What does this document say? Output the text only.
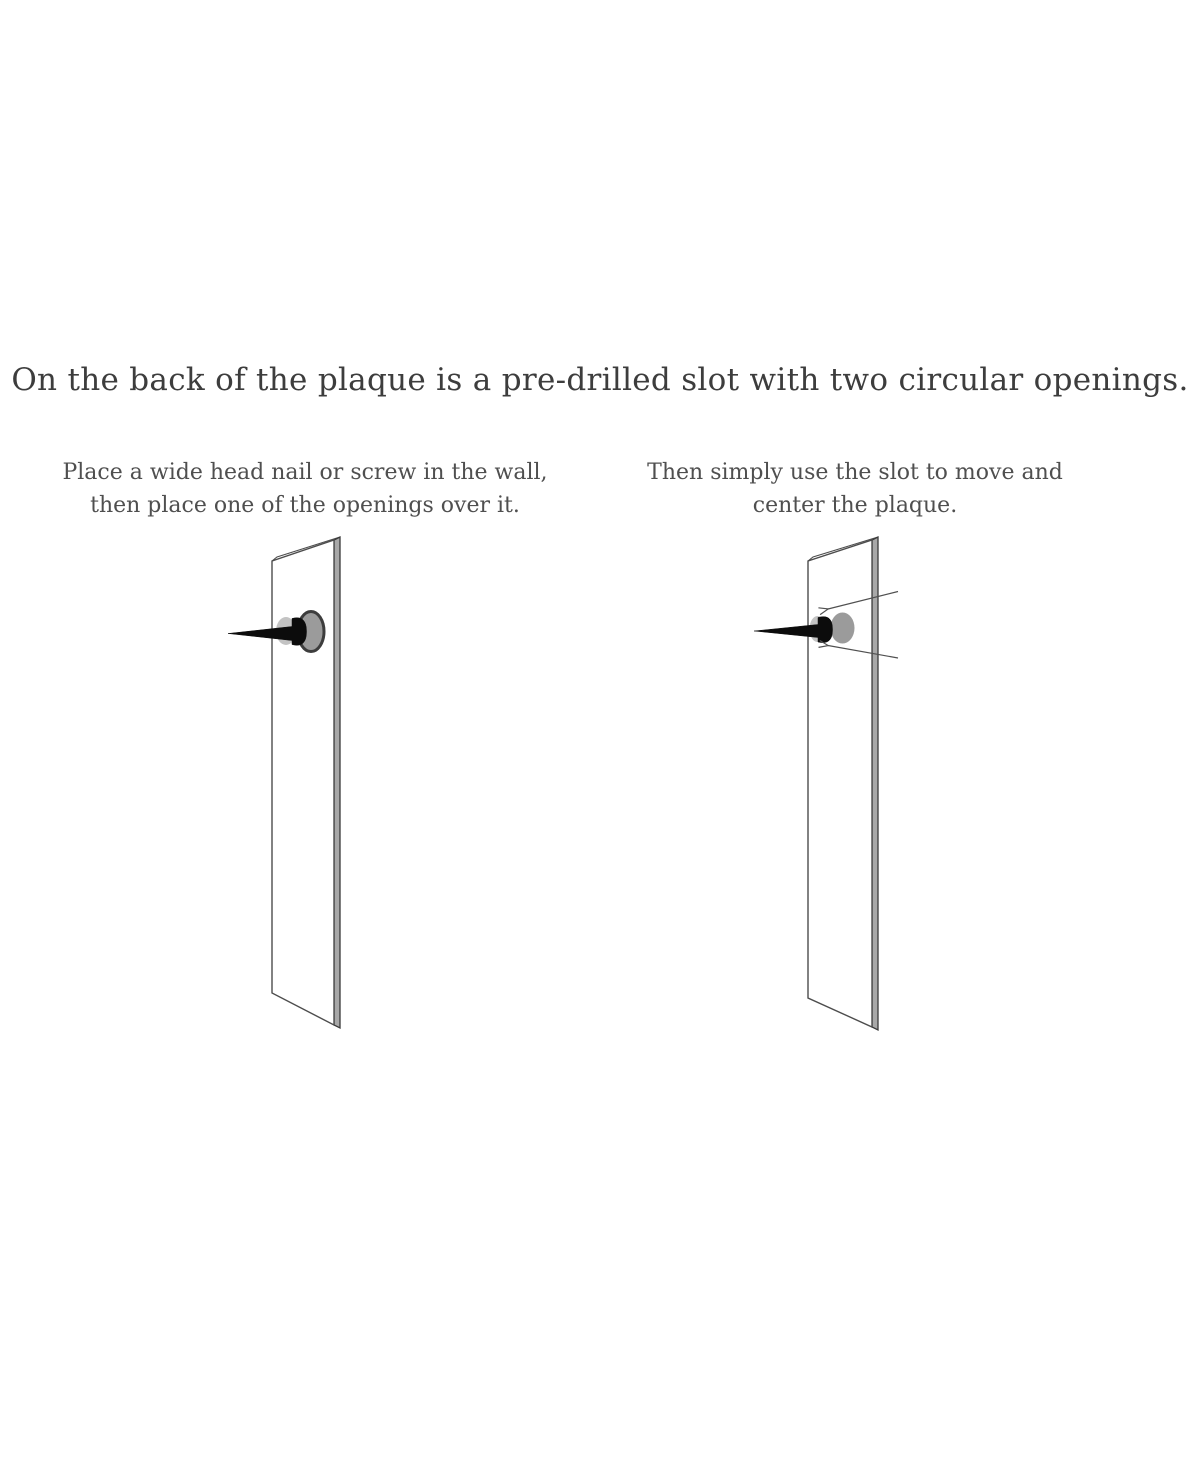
On the back of the plaque is a pre-drilled slot with two circular openings.
Place a wide head nail or screw in the wall,
then place one of the openings over it.
Then simply use the slot to move and
center the plaque.
